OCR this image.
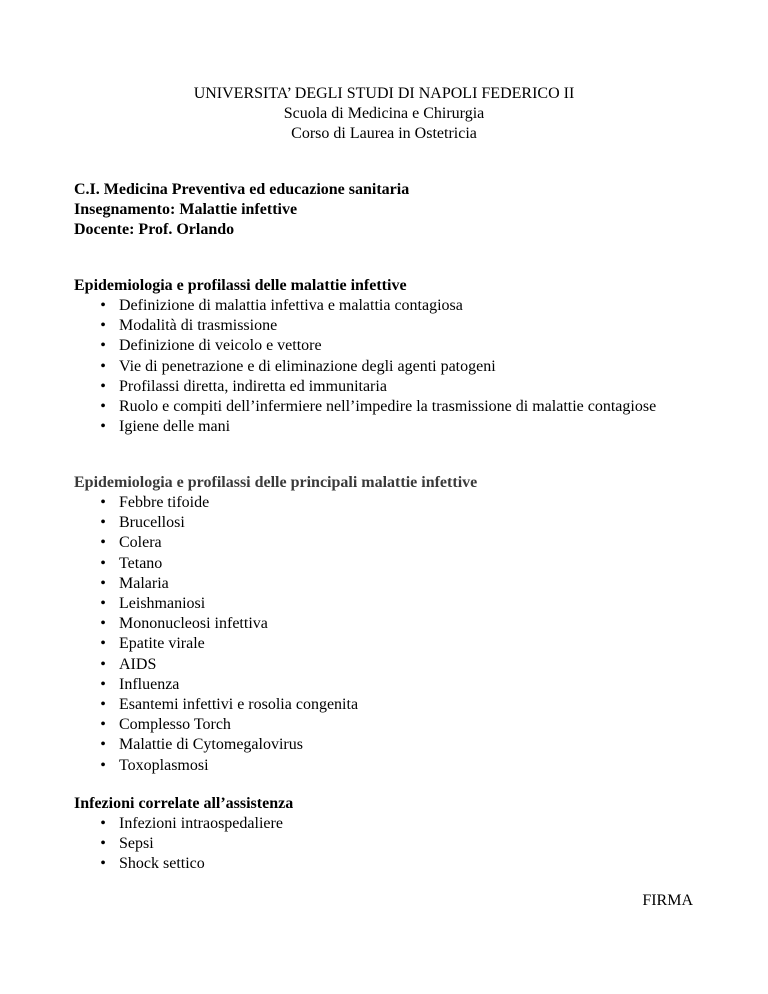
UNIVERSITA’ DEGLI STUDI DI NAPOLI FEDERICO II
Scuola di Medicina e Chirurgia
Corso di Laurea in Ostetricia
C.I. Medicina Preventiva ed educazione sanitaria
Insegnamento: Malattie infettive
Docente: Prof. Orlando
Epidemiologia e profilassi delle malattie infettive
• Definizione di malattia infettiva e malattia contagiosa
• Modalità di trasmissione
• Definizione di veicolo e vettore
• Vie di penetrazione e di eliminazione degli agenti patogeni
• Profilassi diretta, indiretta ed immunitaria
• Ruolo e compiti dell’infermiere nell’impedire la trasmissione di malattie contagiose
• Igiene delle mani
Epidemiologia e profilassi delle principali malattie infettive
• Febbre tifoide
• Brucellosi
• Colera
• Tetano
• Malaria
• Leishmaniosi
• Mononucleosi infettiva
• Epatite virale
• AIDS
• Influenza
• Esantemi infettivi e rosolia congenita
• Complesso Torch
• Malattie di Cytomegalovirus
• Toxoplasmosi
Infezioni correlate all’assistenza
• Infezioni intraospedaliere
• Sepsi
• Shock settico
FIRMA
